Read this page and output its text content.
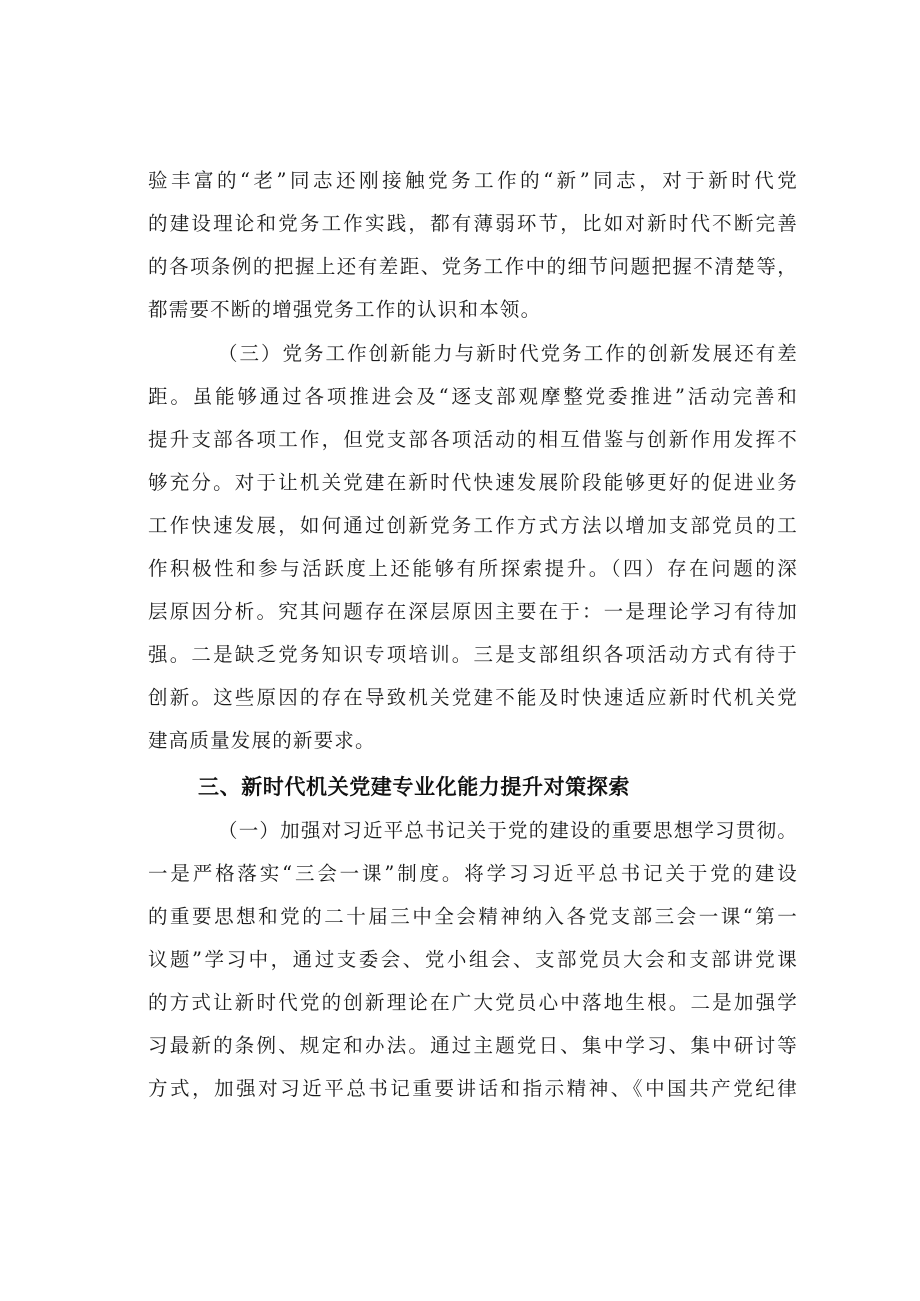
验丰富的“老”同志还刚接触党务工作的“新”同志，对于新时代党
的建设理论和党务工作实践，都有薄弱环节，比如对新时代不断完善
的各项条例的把握上还有差距、党务工作中的细节问题把握不清楚等，
都需要不断的增强党务工作的认识和本领。
（三）党务工作创新能力与新时代党务工作的创新发展还有差
距。虽能够通过各项推进会及“逐支部观摩整党委推进”活动完善和
提升支部各项工作，但党支部各项活动的相互借鉴与创新作用发挥不
够充分。对于让机关党建在新时代快速发展阶段能够更好的促进业务
工作快速发展，如何通过创新党务工作方式方法以增加支部党员的工
作积极性和参与活跃度上还能够有所探索提升。（四）存在问题的深
层原因分析。究其问题存在深层原因主要在于：一是理论学习有待加
强。二是缺乏党务知识专项培训。三是支部组织各项活动方式有待于
创新。这些原因的存在导致机关党建不能及时快速适应新时代机关党
建高质量发展的新要求。
三、新时代机关党建专业化能力提升对策探索
（一）加强对习近平总书记关于党的建设的重要思想学习贯彻。
一是严格落实“三会一课”制度。将学习习近平总书记关于党的建设
的重要思想和党的二十届三中全会精神纳入各党支部三会一课“第一
议题”学习中，通过支委会、党小组会、支部党员大会和支部讲党课
的方式让新时代党的创新理论在广大党员心中落地生根。二是加强学
习最新的条例、规定和办法。通过主题党日、集中学习、集中研讨等
方式，加强对习近平总书记重要讲话和指示精神、《中国共产党纪律
